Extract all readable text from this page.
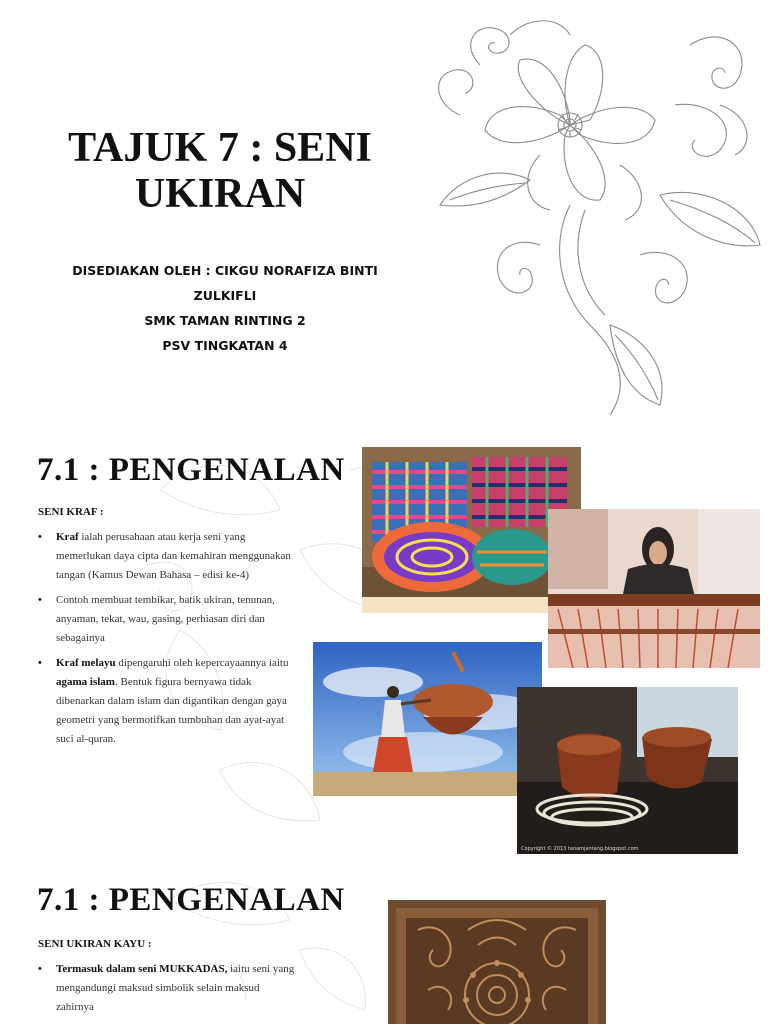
TAJUK 7 : SENI
UKIRAN
DISEDIAKAN OLEH : CIKGU NORAFIZA BINTI ZULKIFLI
SMK TAMAN RINTING 2
PSV TINGKATAN 4
7.1 : PENGENALAN
SENI KRAF :
• Kraf ialah perusahaan atau kerja seni yang memerlukan daya cipta dan kemahiran menggunakan tangan (Kamus Dewan Bahasa – edisi ke-4)
• Contoh membuat tembikar, batik ukiran, tenunan, anyaman, tekat, wau, gasing, perhiasan diri dan sebagainya
• Kraf melayu dipengaruhi oleh kepercayaannya iaitu agama islam. Bentuk figura bernyawa tidak dibenarkan dalam islam dan digantikan dengan gaya geometri yang bermotifkan tumbuhan dan ayat-ayat suci al-quran.
Copyright © 2013 tanamjantang.blogspot.com
7.1 : PENGENALAN
SENI UKIRAN KAYU :
• Termasuk dalam seni MUKKADAS, iaitu seni yang mengandungi maksud simbolik selain maksud zahirnya
